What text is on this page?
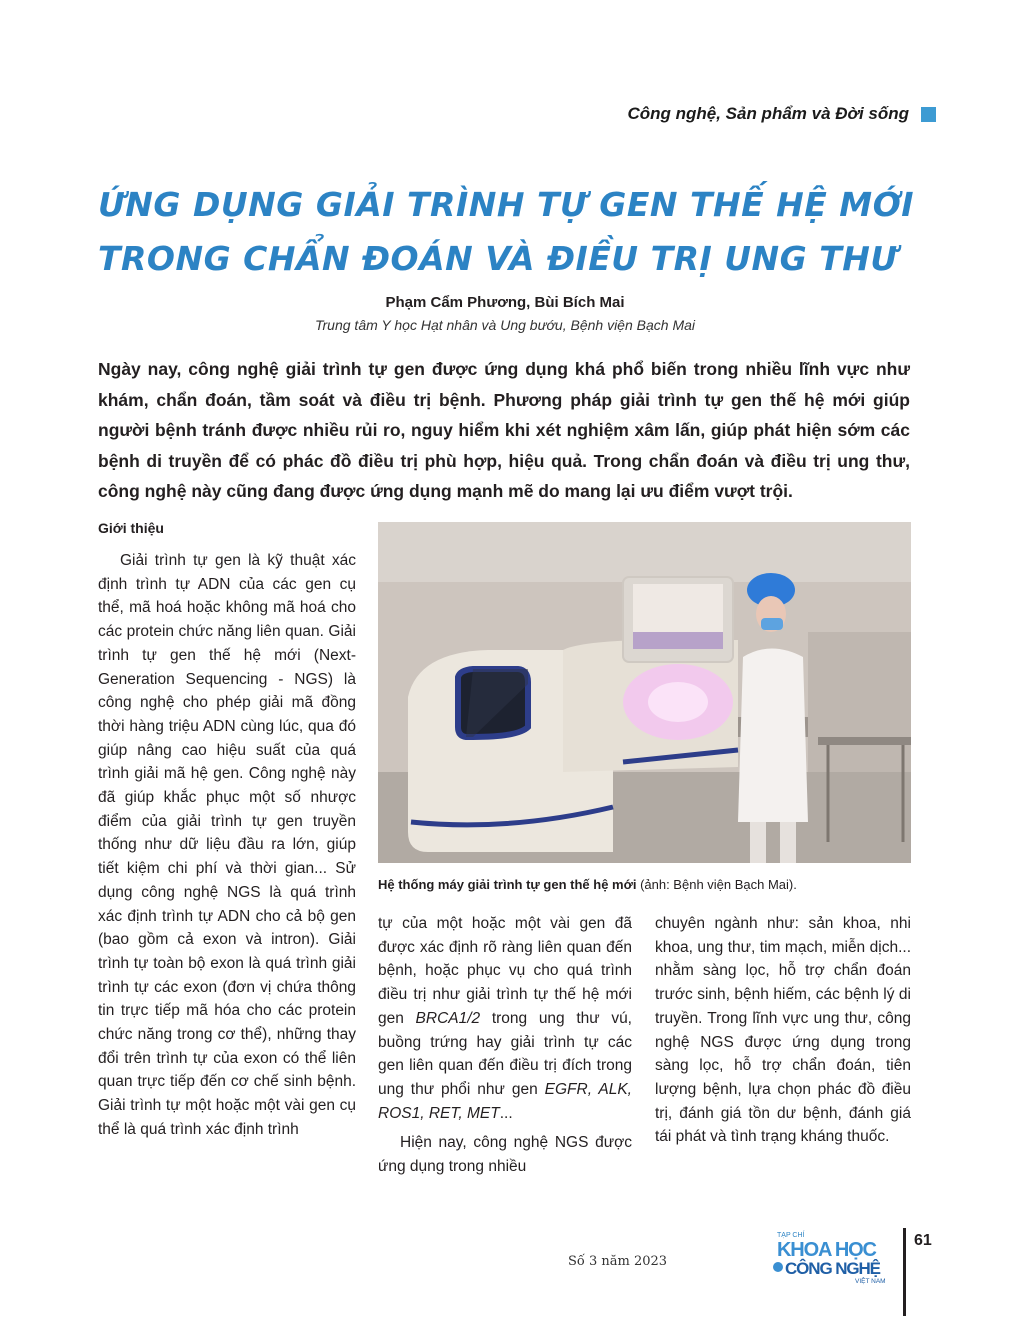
Công nghệ, Sản phẩm và Đời sống
ỨNG DỤNG GIẢI TRÌNH TỰ GEN THẾ HỆ MỚI
TRONG CHẨN ĐOÁN VÀ ĐIỀU TRỊ UNG THƯ
Phạm Cẩm Phương, Bùi Bích Mai
Trung tâm Y học Hạt nhân và Ung bướu, Bệnh viện Bạch Mai

Ngày nay, công nghệ giải trình tự gen được ứng dụng khá phổ biến trong nhiều lĩnh vực như khám, chẩn đoán, tầm soát và điều trị bệnh. Phương pháp giải trình tự gen thế hệ mới giúp người bệnh tránh được nhiều rủi ro, nguy hiểm khi xét nghiệm xâm lấn, giúp phát hiện sớm các bệnh di truyền để có phác đồ điều trị phù hợp, hiệu quả. Trong chẩn đoán và điều trị ung thư, công nghệ này cũng đang được ứng dụng mạnh mẽ do mang lại ưu điểm vượt trội.

Giới thiệu

Giải trình tự gen là kỹ thuật xác định trình tự ADN của các gen cụ thể, mã hoá hoặc không mã hoá cho các protein chức năng liên quan. Giải trình tự gen thế hệ mới (Next-Generation Sequencing - NGS) là công nghệ cho phép giải mã đồng thời hàng triệu ADN cùng lúc, qua đó giúp nâng cao hiệu suất của quá trình giải mã hệ gen. Công nghệ này đã giúp khắc phục một số nhược điểm của giải trình tự gen truyền thống như dữ liệu đầu ra lớn, giúp tiết kiệm chi phí và thời gian... Sử dụng công nghệ NGS là quá trình xác định trình tự ADN cho cả bộ gen (bao gồm cả exon và intron). Giải trình tự toàn bộ exon là quá trình giải trình tự các exon (đơn vị chứa thông tin trực tiếp mã hóa cho các protein chức năng trong cơ thể), những thay đổi trên trình tự của exon có thể liên quan trực tiếp đến cơ chế sinh bệnh. Giải trình tự một hoặc một vài gen cụ thể là quá trình xác định trình

Hệ thống máy giải trình tự gen thế hệ mới (ảnh: Bệnh viện Bạch Mai).

tự của một hoặc một vài gen đã được xác định rõ ràng liên quan đến bệnh, hoặc phục vụ cho quá trình điều trị như giải trình tự thế hệ mới gen BRCA1/2 trong ung thư vú, buồng trứng hay giải trình tự các gen liên quan đến điều trị đích trong ung thư phổi như gen EGFR, ALK, ROS1, RET, MET...

Hiện nay, công nghệ NGS được ứng dụng trong nhiều

chuyên ngành như: sản khoa, nhi khoa, ung thư, tim mạch, miễn dịch... nhằm sàng lọc, hỗ trợ chẩn đoán trước sinh, bệnh hiếm, các bệnh lý di truyền. Trong lĩnh vực ung thư, công nghệ NGS được ứng dụng trong sàng lọc, hỗ trợ chẩn đoán, tiên lượng bệnh, lựa chọn phác đồ điều trị, đánh giá tồn dư bệnh, đánh giá tái phát và tình trạng kháng thuốc.

Số 3 năm 2023
TẠP CHÍ
KHOA HỌC
CÔNG NGHỆ
VIỆT NAM
61
